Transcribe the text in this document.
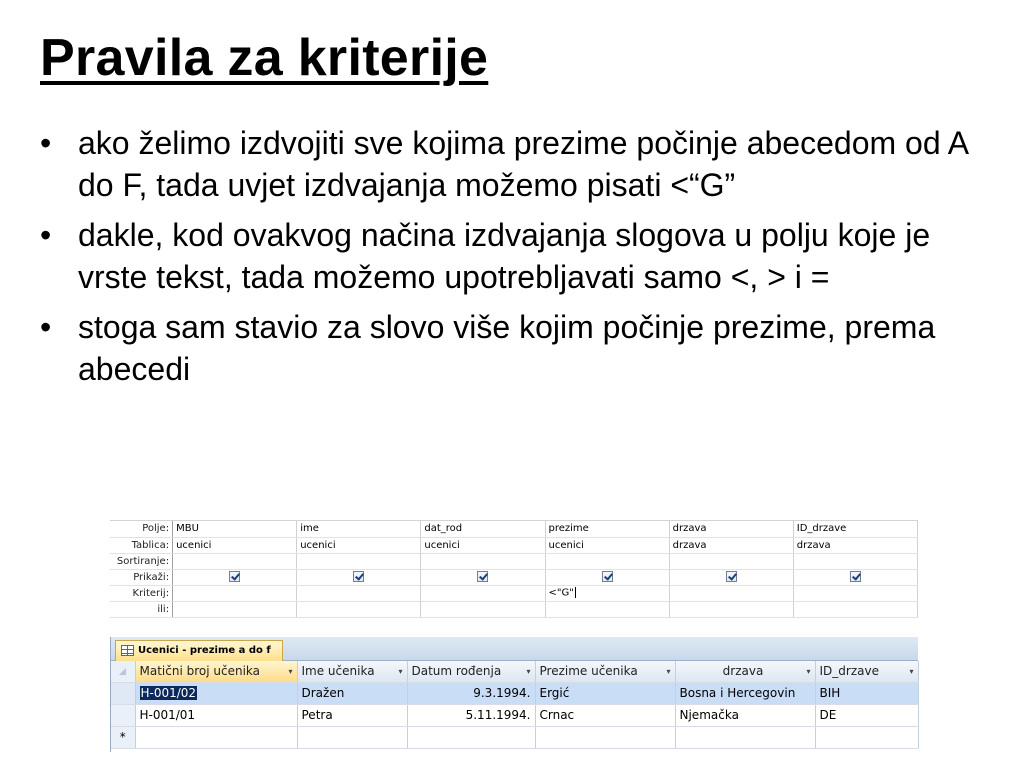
Pravila za kriterije
• ako želimo izdvojiti sve kojima prezime počinje abecedom od A do F, tada uvjet izdvajanja možemo pisati <“G”
• dakle, kod ovakvog načina izdvajanja slogova u polju koje je vrste tekst, tada možemo upotrebljavati samo <, > i =
• stoga sam stavio za slovo više kojim počinje prezime, prema abecedi
Polje:	MBU	ime	dat_rod	prezime	drzava	ID_drzave
Tablica:	ucenici	ucenici	ucenici	ucenici	drzava	drzava
Sortiranje:						
Prikaži:						
Kriterij:				<"G"		
ili:						
Ucenici - prezime a do f
	Matični broj učenika ▾	Ime učenika ▾	Datum rođenja ▾	Prezime učenika ▾	drzava ▾	ID_drzave ▾

	H-001/02	Dražen	9.3.1994.	Ergić	Bosna i Hercegovin	BIH
	H-001/01	Petra	5.11.1994.	Crnac	Njemačka	DE
*						
